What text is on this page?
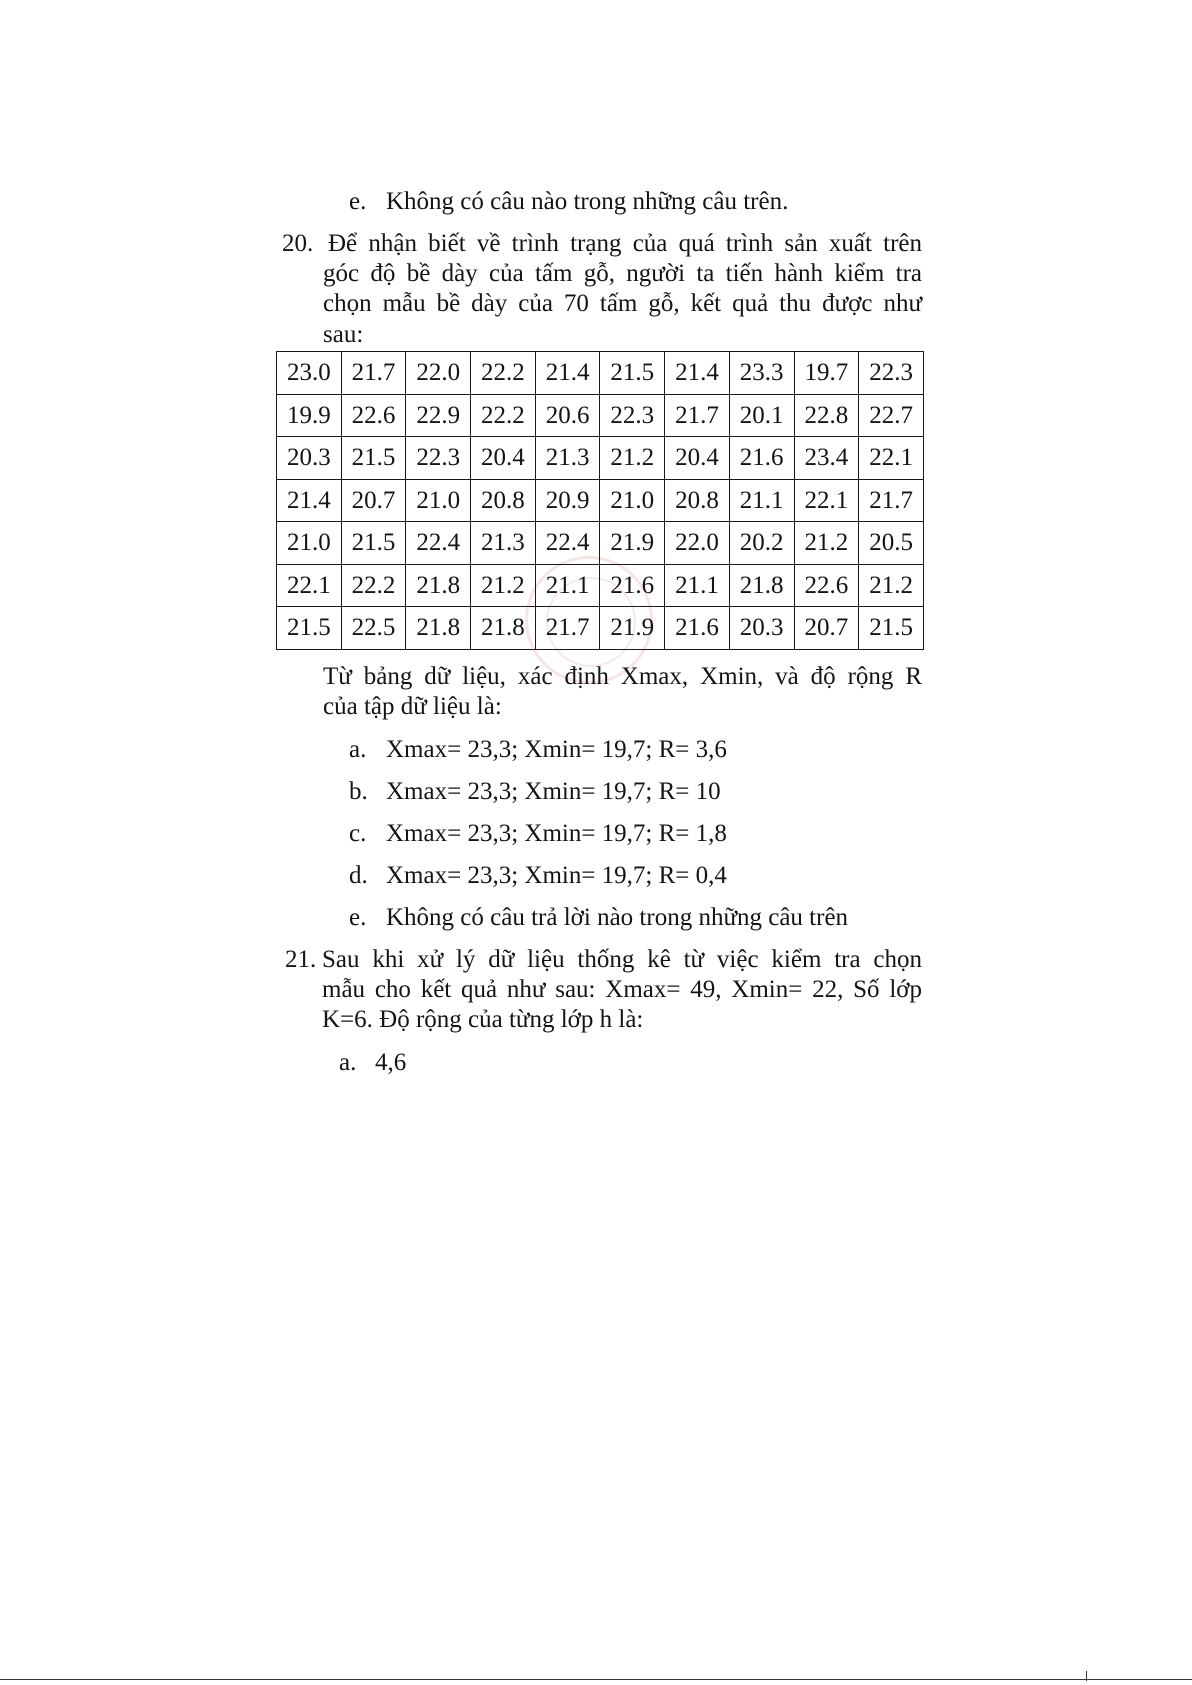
e. Không có câu nào trong những câu trên.
20. Để nhận biết về trình trạng của quá trình sản xuất trên
góc độ bề dày của tấm gỗ, người ta tiến hành kiểm tra
chọn mẫu bề dày của 70 tấm gỗ, kết quả thu được như
sau:
23.0	21.7	22.0	22.2	21.4	21.5	21.4	23.3	19.7	22.3
19.9	22.6	22.9	22.2	20.6	22.3	21.7	20.1	22.8	22.7
20.3	21.5	22.3	20.4	21.3	21.2	20.4	21.6	23.4	22.1
21.4	20.7	21.0	20.8	20.9	21.0	20.8	21.1	22.1	21.7
21.0	21.5	22.4	21.3	22.4	21.9	22.0	20.2	21.2	20.5
22.1	22.2	21.8	21.2	21.1	21.6	21.1	21.8	22.6	21.2
21.5	22.5	21.8	21.8	21.7	21.9	21.6	20.3	20.7	21.5
Từ bảng dữ liệu, xác định Xmax, Xmin, và độ rộng R
của tập dữ liệu là:
a. Xmax= 23,3; Xmin= 19,7; R= 3,6
b. Xmax= 23,3; Xmin= 19,7; R= 10
c. Xmax= 23,3; Xmin= 19,7; R= 1,8
d. Xmax= 23,3; Xmin= 19,7; R= 0,4
e. Không có câu trả lời nào trong những câu trên
21. Sau khi xử lý dữ liệu thống kê từ việc kiểm tra chọn
mẫu cho kết quả như sau: Xmax= 49, Xmin= 22, Số lớp
K=6. Độ rộng của từng lớp h là:
a. 4,6
